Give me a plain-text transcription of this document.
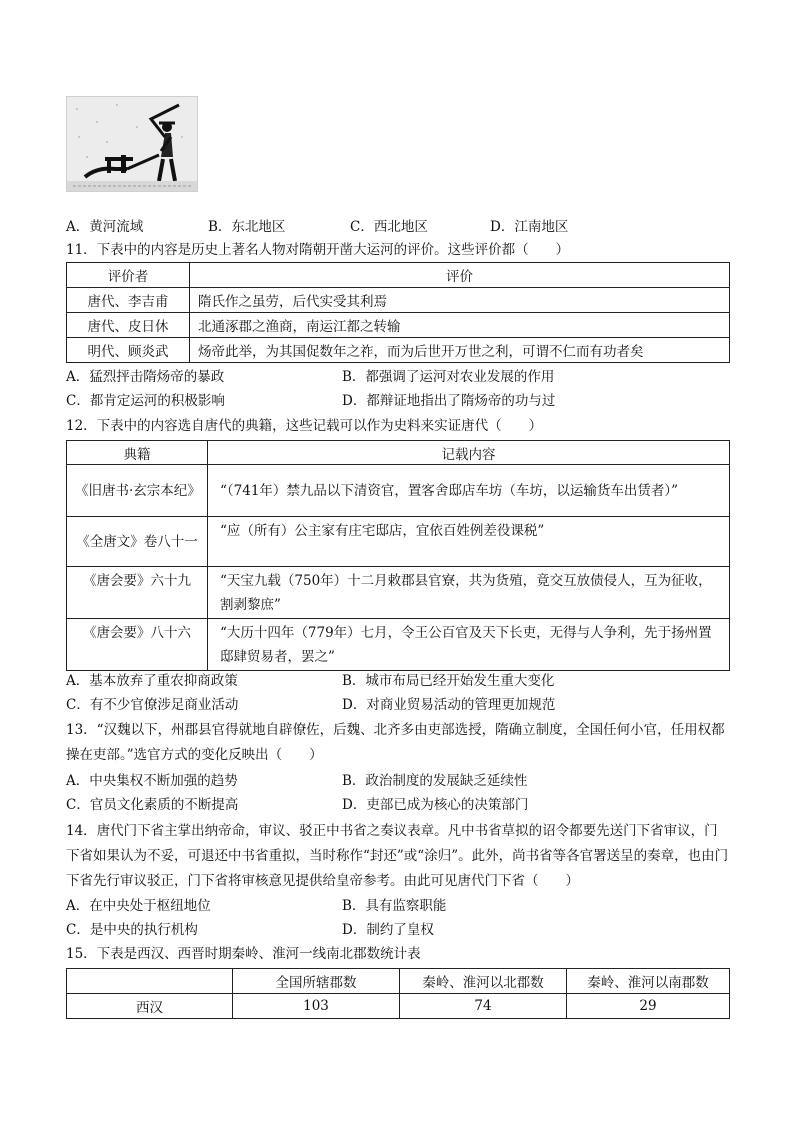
A．黄河流域	B．东北地区	C．西北地区	D．江南地区
11．下表中的内容是历史上著名人物对隋朝开凿大运河的评价。这些评价都（　　）
评价者	评价
唐代、李吉甫	隋氏作之虽劳，后代实受其利焉
唐代、皮日休	北通涿郡之渔商，南运江都之转输
明代、顾炎武	炀帝此举，为其国促数年之祚，而为后世开万世之利，可谓不仁而有功者矣
A．猛烈抨击隋炀帝的暴政	B．都强调了运河对农业发展的作用
C．都肯定运河的积极影响	D．都辩证地指出了隋炀帝的功与过
12．下表中的内容选自唐代的典籍，这些记载可以作为史料来实证唐代（　　）
典籍	记载内容
《旧唐书·玄宗本纪》	“（741年）禁九品以下清资官，置客舍邸店车坊（车坊，以运输货车出赁者）”
《全唐文》卷八十一	“应（所有）公主家有庄宅邸店，宜依百姓例差役课税”
《唐会要》六十九	“天宝九载（750年）十二月敕郡县官寮，共为货殖，竟交互放债侵人，互为征收，割剥黎庶”
《唐会要》八十六	“大历十四年（779年）七月，令王公百官及天下长吏，无得与人争利，先于扬州置邸肆贸易者，罢之”
A．基本放弃了重农抑商政策	B．城市布局已经开始发生重大变化
C．有不少官僚涉足商业活动	D．对商业贸易活动的管理更加规范
13．“汉魏以下，州郡县官得就地自辟僚佐，后魏、北齐多由吏部选授，隋确立制度，全国任何小官，任用权都操在吏部。”选官方式的变化反映出（　　）
A．中央集权不断加强的趋势	B．政治制度的发展缺乏延续性
C．官员文化素质的不断提高	D．吏部已成为核心的决策部门
14．唐代门下省主掌出纳帝命，审议、驳正中书省之奏议表章。凡中书省草拟的诏令都要先送门下省审议，门下省如果认为不妥，可退还中书省重拟，当时称作“封还”或“涂归”。此外，尚书省等各官署送呈的奏章，也由门下省先行审议驳正，门下省将审核意见提供给皇帝参考。由此可见唐代门下省（　　）
A．在中央处于枢纽地位	B．具有监察职能
C．是中央的执行机构	D．制约了皇权
15．下表是西汉、西晋时期秦岭、淮河一线南北郡数统计表
	全国所辖郡数	秦岭、淮河以北郡数	秦岭、淮河以南郡数
西汉	103	74	29
